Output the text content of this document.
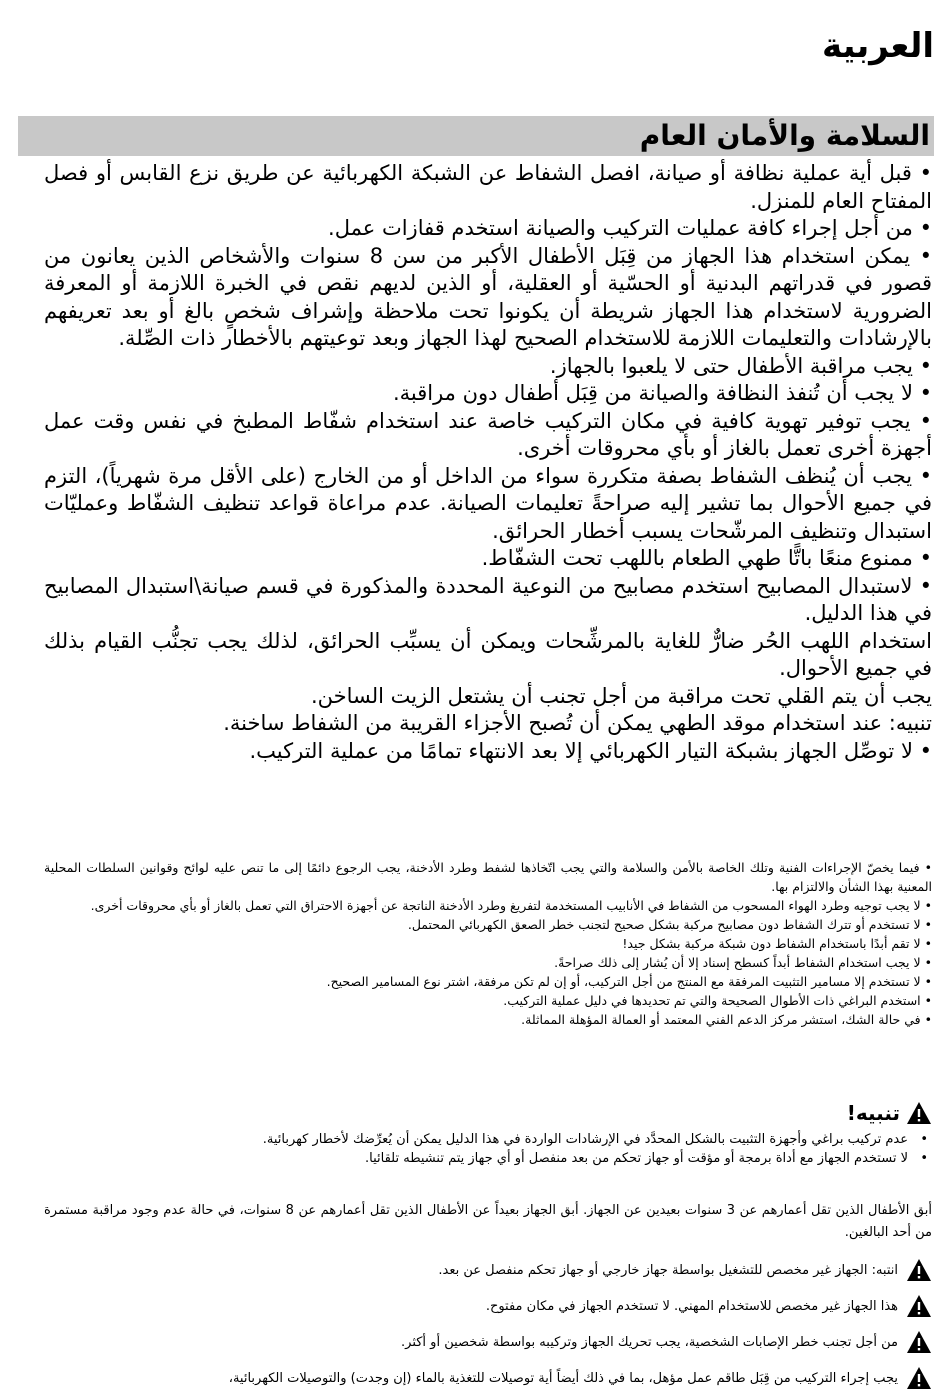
العربية
السلامة والأمان العام

• قبل أية عملية نظافة أو صيانة، افصل الشفاط عن الشبكة الكهربائية عن طريق نزع القابس أو فصل المفتاح العام للمنزل.

• من أجل إجراء كافة عمليات التركيب والصيانة استخدم قفازات عمل.

• يمكن استخدام هذا الجهاز من قِبَل الأطفال الأكبر من سن 8 سنوات والأشخاص الذين يعانون من قصور في قدراتهم البدنية أو الحسّية أو العقلية، أو الذين لديهم نقص في الخبرة اللازمة أو المعرفة الضرورية لاستخدام هذا الجهاز شريطة أن يكونوا تحت ملاحظة وإشراف شخصٍ بالغ أو بعد تعريفهم بالإرشادات والتعليمات اللازمة للاستخدام الصحيح لهذا الجهاز وبعد توعيتهم بالأخطار ذات الصِّلة.

• يجب مراقبة الأطفال حتى لا يلعبوا بالجهاز.

• لا يجب أن تُنفذ النظافة والصيانة من قِبَل أطفال دون مراقبة.

• يجب توفير تهوية كافية في مكان التركيب خاصة عند استخدام شفّاط المطبخ في نفس وقت عمل أجهزة أخرى تعمل بالغاز أو بأي محروقات أخرى.

• يجب أن يُنظف الشفاط بصفة متكررة سواء من الداخل أو من الخارج (على الأقل مرة شهرياً)، التزم في جميع الأحوال بما تشير إليه صراحةً تعليمات الصيانة. عدم مراعاة قواعد تنظيف الشفّاط وعمليّات استبدال وتنظيف المرشّحات يسبب أخطار الحرائق.

• ممنوع منعًا باتًّا طهي الطعام باللهب تحت الشفّاط.

• لاستبدال المصابيح استخدم مصابيح من النوعية المحددة والمذكورة في قسم صيانة\استبدال المصابيح في هذا الدليل.

استخدام اللهب الحُر ضارٌّ للغاية بالمرشِّحات ويمكن أن يسبِّب الحرائق، لذلك يجب تجنُّب القيام بذلك في جميع الأحوال.

يجب أن يتم القلي تحت مراقبة من أجل تجنب أن يشتعل الزيت الساخن.

تنبيه: عند استخدام موقد الطهي يمكن أن تُصبح الأجزاء القريبة من الشفاط ساخنة.

• لا توصِّل الجهاز بشبكة التيار الكهربائي إلا بعد الانتهاء تمامًا من عملية التركيب.

• فيما يخصّ الإجراءات الفنية وتلك الخاصة بالأمن والسلامة والتي يجب اتّخاذها لشفط وطرد الأدخنة، يجب الرجوع دائمًا إلى ما تنص عليه لوائح وقوانين السلطات المحلية المعنية بهذا الشأن والالتزام بها.

• لا يجب توجيه وطرد الهواء المسحوب من الشفاط في الأنابيب المستخدمة لتفريغ وطرد الأدخنة الناتجة عن أجهزة الاحتراق التي تعمل بالغاز أو بأي محروقات أخرى.

• لا تستخدم أو تترك الشفاط دون مصابيح مركبة بشكل صحيح لتجنب خطر الصعق الكهربائي المحتمل.

• لا تقم أبدًا باستخدام الشفاط دون شبكة مركبة بشكل جيد!

• لا يجب استخدام الشفاط أبداً كسطح إسناد إلا أن يُشار إلى ذلك صراحةً.

• لا تستخدم إلا مسامير التثبيت المرفقة مع المنتج من أجل التركيب، أو إن لم تكن مرفقة، اشتر نوع المسامير الصحيح.

• استخدم البراغي ذات الأطوال الصحيحة والتي تم تحديدها في دليل عملية التركيب.

• في حالة الشك، استشر مركز الدعم الفني المعتمد أو العمالة المؤهلة المماثلة.

تنبيه!
• عدم تركيب براغي وأجهزة التثبيت بالشكل المحدَّد في الإرشادات الواردة في هذا الدليل يمكن أن يُعرِّضك لأخطار كهربائية.
• لا تستخدم الجهاز مع أداة برمجة أو مؤقت أو جهاز تحكم من بعد منفصل أو أي جهاز يتم تنشيطه تلقائيا.

أبق الأطفال الذين تقل أعمارهم عن 3 سنوات بعيدين عن الجهاز. أبق الجهاز بعيداً عن الأطفال الذين تقل أعمارهم عن 8 سنوات، في حالة عدم وجود مراقبة مستمرة من أحد البالغين.

انتبه: الجهاز غير مخصص للتشغيل بواسطة جهاز خارجي أو جهاز تحكم منفصل عن بعد.
هذا الجهاز غير مخصص للاستخدام المهني. لا تستخدم الجهاز في مكان مفتوح.
من أجل تجنب خطر الإصابات الشخصية، يجب تحريك الجهاز وتركيبه بواسطة شخصين أو أكثر.
يجب إجراء التركيب من قِبَل طاقم عمل مؤهل، بما في ذلك أيضاً أية توصيلات للتغذية بالماء (إن وجدت) والتوصيلات الكهربائية،
